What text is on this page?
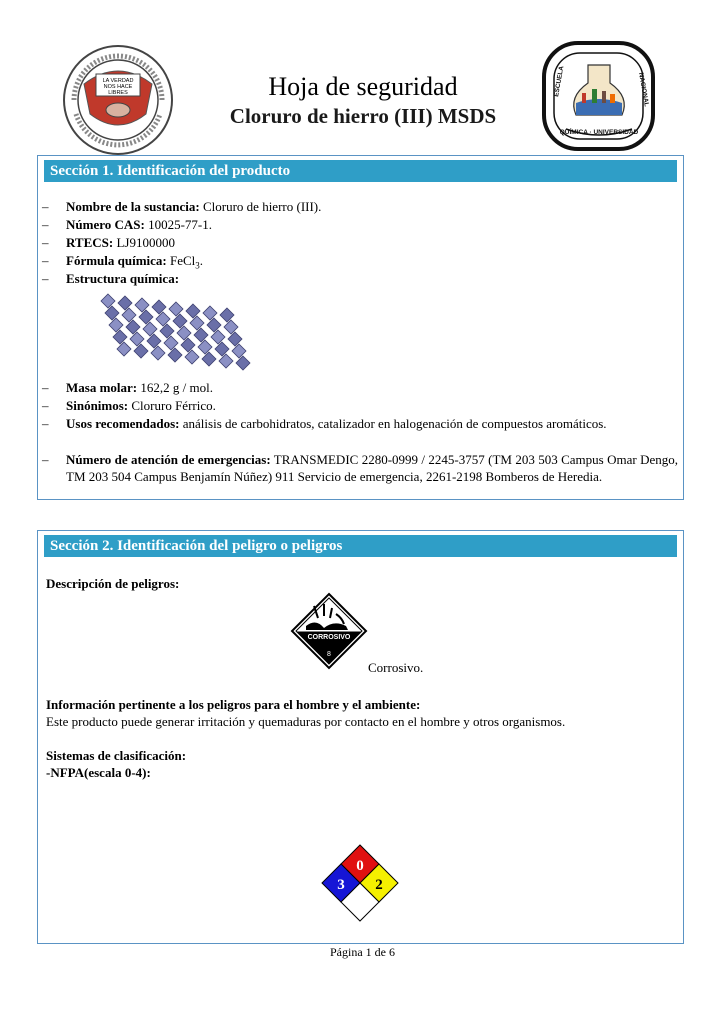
LA VERDAD
NOS HACE
LIBRES	Hoja de seguridad
Cloruro de hierro (III) MSDS
QUÍMICA · UNIVERSIDAD
ESCUELA	NACIONAL
Sección 1. Identificación del producto
– Nombre de la sustancia: Cloruro de hierro (III).
– Número CAS: 10025-77-1.
– RTECS: LJ9100000
– Fórmula química: FeCl$_3$.
– Estructura química:
– Masa molar: 162,2 g / mol.
– Sinónimos: Cloruro Férrico.
– Usos recomendados: análisis de carbohidratos, catalizador en halogenación de compuestos aromáticos.
– Número de atención de emergencias: TRANSMEDIC 2280-0999 / 2245-3757 (TM 203 503 Campus Omar Dengo, TM 203 504 Campus Benjamín Núñez) 911 Servicio de emergencia, 2261-2198 Bomberos de Heredia.
Sección 2. Identificación del peligro o peligros
Descripción de peligros:
CORROSIVO
8
Corrosivo.
Información pertinente a los peligros para el hombre y el ambiente:
Este producto puede generar irritación y quemaduras por contacto en el hombre y otros organismos.
Sistemas de clasificación:
-NFPA(escala 0-4):
0
3 2
Página 1 de 6
